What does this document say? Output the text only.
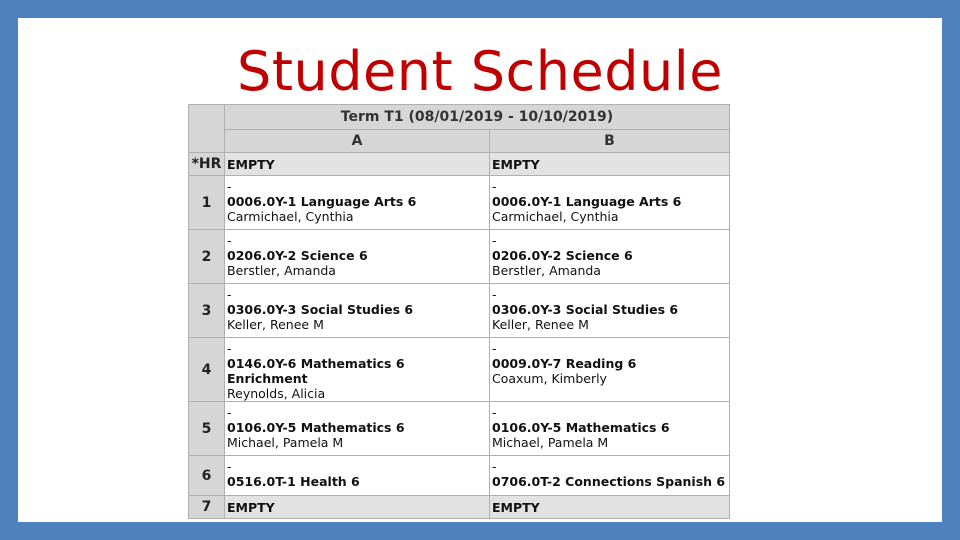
Student Schedule
	Term T1 (08/01/2019 - 10/10/2019)	
	A	B
*HR	EMPTY	EMPTY
1	-
0006.0Y-1 Language Arts 6
Carmichael, Cynthia	-
0006.0Y-1 Language Arts 6
Carmichael, Cynthia

2	-
0206.0Y-2 Science 6
Berstler, Amanda	-
0206.0Y-2 Science 6
Berstler, Amanda

3	-
0306.0Y-3 Social Studies 6
Keller, Renee M	-
0306.0Y-3 Social Studies 6
Keller, Renee M

4	-
0146.0Y-6 Mathematics 6 Enrichment
Reynolds, Alicia	-
0009.0Y-7 Reading 6
Coaxum, Kimberly

5	-
0106.0Y-5 Mathematics 6
Michael, Pamela M	-
0106.0Y-5 Mathematics 6
Michael, Pamela M

6	-
0516.0T-1 Health 6	-
0706.0T-2 Connections Spanish 6

7	EMPTY	EMPTY
